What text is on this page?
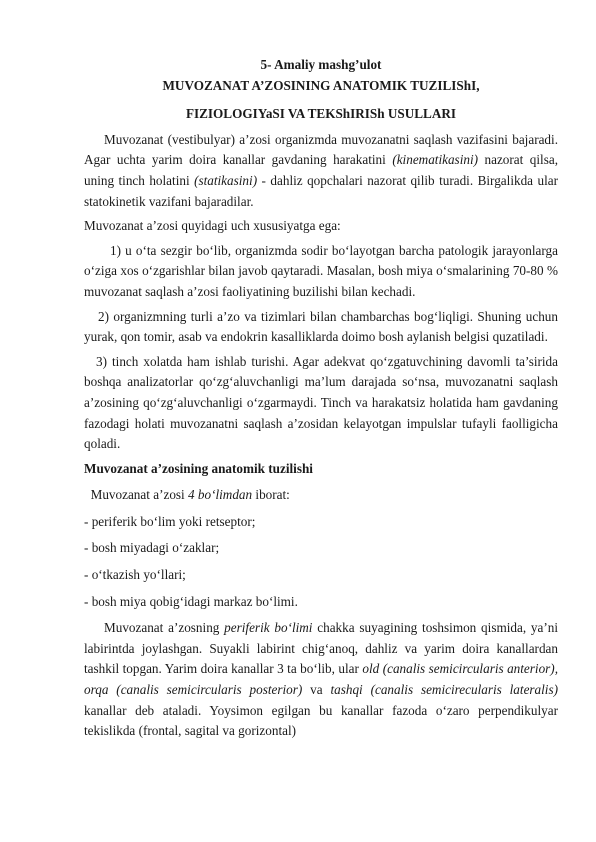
5- Amaliy mashg’ulot

MUVOZANAT A’ZOSINING ANATOMIK TUZILIShI,

FIZIOLOGIYaSI VA TEKShIRISh USULLARI

Muvozanat (vestibulyar) a’zosi organizmda muvozanatni saqlash vazifasini bajaradi. Agar uchta yarim doira kanallar gavdaning harakatini (kinematikasini) nazorat qilsa, uning tinch holatini (statikasini) - dahliz qopchalari nazorat qilib turadi. Birgalikda ular statokinetik vazifani bajaradilar.

Muvozanat a’zosi quyidagi uch xususiyatga ega:

1) u o‘ta sezgir bo‘lib, organizmda sodir bo‘layotgan barcha patologik jarayonlarga o‘ziga xos o‘zgarishlar bilan javob qaytaradi. Masalan, bosh miya o‘smalarining 70-80 % muvozanat saqlash a’zosi faoliyatining buzilishi bilan kechadi.

2) organizmning turli a’zo va tizimlari bilan chambarchas bog‘liqligi. Shuning uchun yurak, qon tomir, asab va endokrin kasalliklarda doimo bosh aylanish belgisi quzatiladi.

3) tinch xolatda ham ishlab turishi. Agar adekvat qo‘zgatuvchining davomli ta’sirida boshqa analizatorlar qo‘zg‘aluvchanligi ma’lum darajada so‘nsa, muvozanatni saqlash a’zosining qo‘zg‘aluvchanligi o‘zgarmaydi. Tinch va harakatsiz holatida ham gavdaning fazodagi holati muvozanatni saqlash a’zosidan kelayotgan impulslar tufayli faolligicha qoladi.

Muvozanat a’zosining anatomik tuzilishi

Muvozanat a’zosi 4 bo‘limdan iborat:

- periferik bo‘lim yoki retseptor;

- bosh miyadagi o‘zaklar;

- o‘tkazish yo‘llari;

- bosh miya qobig‘idagi markaz bo‘limi.

Muvozanat a’zosning periferik bo‘limi chakka suyagining toshsimon qismida, ya’ni labirintda joylashgan. Suyakli labirint chig‘anoq, dahliz va yarim doira kanallardan tashkil topgan. Yarim doira kanallar 3 ta bo‘lib, ular old (canalis semicircularis anterior), orqa (canalis semicircularis posterior) va tashqi (canalis semicirecularis lateralis) kanallar deb ataladi. Yoysimon egilgan bu kanallar fazoda o‘zaro perpendikulyar tekislikda (frontal, sagital va gorizontal)
